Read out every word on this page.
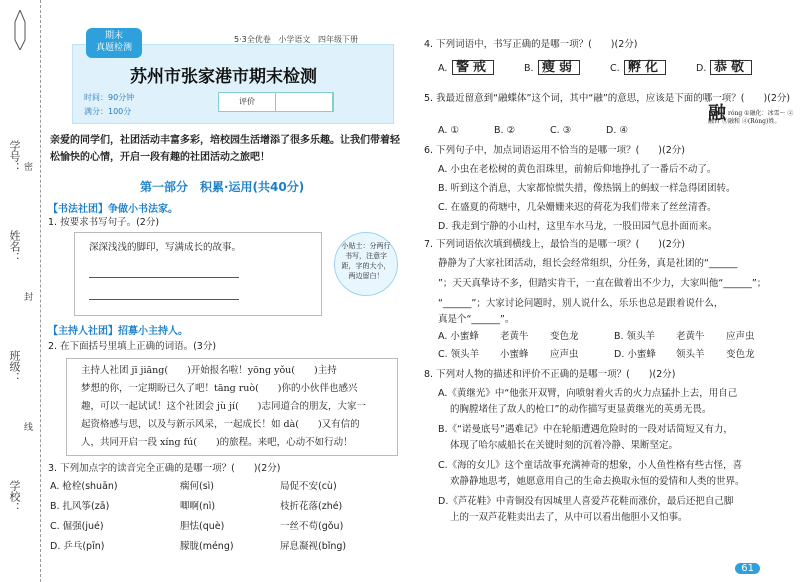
学号：
姓名：
班级：
学校：
密
封
线
5·3全优卷 小学语文 四年级下册
期末
真题检测
苏州市张家港市期末检测
时间：90分钟
满分：100分
评价
亲爱的同学们，社团活动丰富多彩，培校园生活增添了很多乐趣。让我们带着轻松愉快的心情，开启一段有趣的社团活动之旅吧！
第一部分　积累·运用(共40分)
【书法社团】争做小书法家。
1. 按要求书写句子。(2分)
深深浅浅的脚印，写满成长的故事。	小贴士：分两行书写，注意字距，字的大小，两边留白！
【主持人社团】招募小主持人。
2. 在下面括号里填上正确的词语。(3分)
主持人社团 jī jiāng(　　)开始报名啦！yōng yǒu(　　)主持
梦想的你，一定期盼已久了吧！tāng ruò(　　)你的小伙伴也感兴
趣，可以一起试试！这个社团会 jù jí(　　)志同道合的朋友，大家一
起资格感与思，以及与新示风采，一起成长！如 dà(　　)又有信的
人，共同开启一段 xíng fú(　　)的旅程。来吧，心动不如行动！
3. 下列加点字的读音完全正确的是哪一项？(　　)(2分)
A. 枪栓(shuān)	瘸何(sì)	局促不安(cù)
B. 扎风筝(zā)	唧啊(nì)	枝折花落(zhé)
C. 倔强(jué)	胆怯(què)	一丝不苟(gǒu)
D. 乒乓(pīn)	朦胧(méng)	屏息凝视(bǐng)
4. 下列词语中，书写正确的是哪一项？(　　)(2分)
A. 警戒	B. 瘦弱	C. 孵化	D. 恭敬
5. 我最近留意到“融蝶体”这个词，其中“融”的意思，应该是下面的哪一项？(　　)(2分)
A. ①	B. ②	C. ③	D. ④
融 róng ①融化：冰雪～ ②融合 ③融和 ④(Róng)姓。
6. 下列句子中，加点词语运用不恰当的是哪一项？(　　)(2分)
A. 小虫在老松树的黄色泪珠里，前俯后仰地挣扎了一番后不动了。
B. 听到这个消息，大家都惊慌失措，像热锅上的蚂蚁一样急得团团转。
C. 在盛夏的荷塘中，几朵姗姗来迟的荷花为我们带来了丝丝清香。
D. 我走到宁静的小山村，这里车水马龙，一股田园气息扑面而来。
7. 下列词语依次填到横线上，最恰当的是哪一项？(　　)(2分)
静静为了大家社团活动，组长会经常组织，分任务，真是社团的“______
”；天天真挚诗不多，但踏实肯干，一直在做着出不少力，大家叫他“______”；
“______”；大家讨论问题时，别人说什么，乐乐也总是跟着说什么，
真是个“______”。
A. 小蜜蜂 老黄牛 变色龙	B. 领头羊 老黄牛 应声虫
C. 领头羊 小蜜蜂 应声虫	D. 小蜜蜂 领头羊 变色龙
8. 下列对人物的描述和评价不正确的是哪一项？(　　)(2分)
A.《黄继光》中“他张开双臂，向喷射着火舌的火力点猛扑上去，用自己
的胸膛堵住了敌人的枪口”的动作描写更显黄继光的英勇无畏。
B.《“诺曼底号”遇难记》中在轮船遭遇危险时的一段对话简短又有力，
体现了哈尔威船长在关键时刻的沉着冷静、果断坚定。
C.《海的女儿》这个童话故事充满神奇的想象，小人鱼性格有些古怪，喜
欢静静地思考，她愿意用自己的生命去换取永恒的爱情和人类的世界。
D.《芦花鞋》中青铜没有因城里人喜爱芦花鞋而涨价，最后还把自己脚
上的一双芦花鞋卖出去了，从中可以看出他胆小又怕事。
61
